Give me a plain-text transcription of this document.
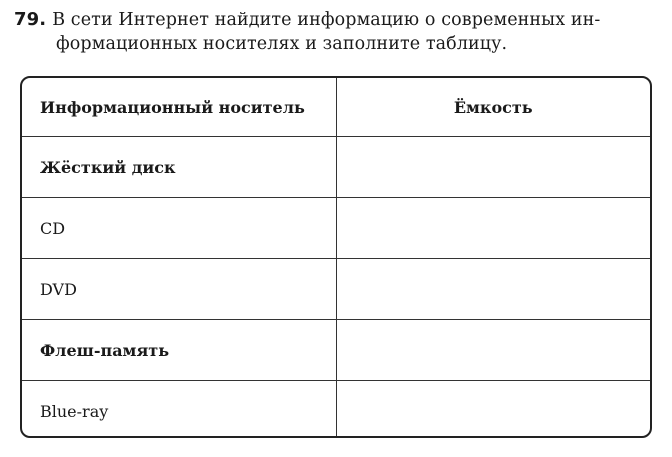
79. В сети Интернет найдите информацию о современных ин-
формационных носителях и заполните таблицу.
Информационный носитель	Ёмкость
Жёсткий диск	
CD	
DVD	
Флеш-память	
Blue-ray	
